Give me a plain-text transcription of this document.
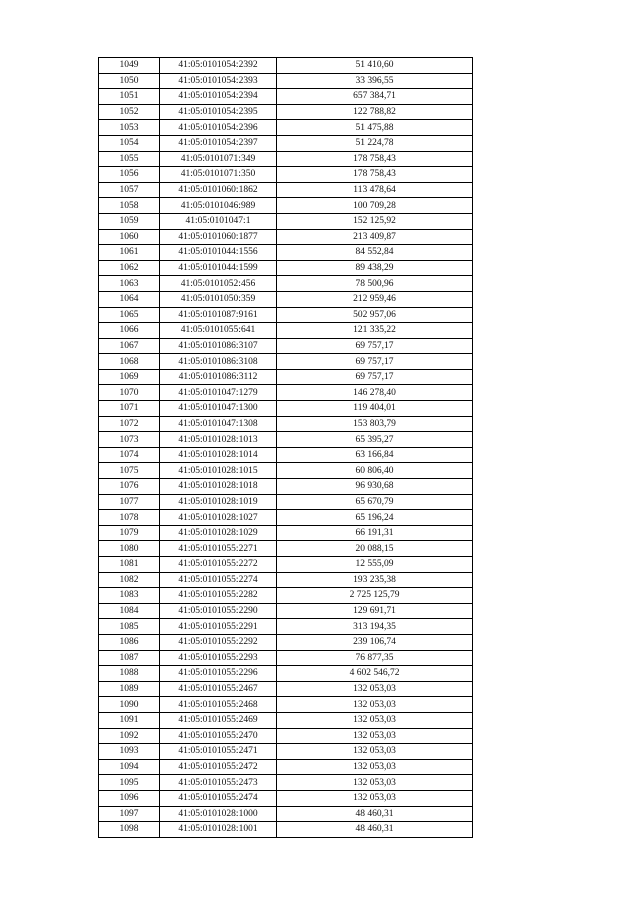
1049	41:05:0101054:2392	51 410,60
1050	41:05:0101054:2393	33 396,55
1051	41:05:0101054:2394	657 384,71
1052	41:05:0101054:2395	122 788,82
1053	41:05:0101054:2396	51 475,88
1054	41:05:0101054:2397	51 224,78
1055	41:05:0101071:349	178 758,43
1056	41:05:0101071:350	178 758,43
1057	41:05:0101060:1862	113 478,64
1058	41:05:0101046:989	100 709,28
1059	41:05:0101047:1	152 125,92
1060	41:05:0101060:1877	213 409,87
1061	41:05:0101044:1556	84 552,84
1062	41:05:0101044:1599	89 438,29
1063	41:05:0101052:456	78 500,96
1064	41:05:0101050:359	212 959,46
1065	41:05:0101087:9161	502 957,06
1066	41:05:0101055:641	121 335,22
1067	41:05:0101086:3107	69 757,17
1068	41:05:0101086:3108	69 757,17
1069	41:05:0101086:3112	69 757,17
1070	41:05:0101047:1279	146 278,40
1071	41:05:0101047:1300	119 404,01
1072	41:05:0101047:1308	153 803,79
1073	41:05:0101028:1013	65 395,27
1074	41:05:0101028:1014	63 166,84
1075	41:05:0101028:1015	60 806,40
1076	41:05:0101028:1018	96 930,68
1077	41:05:0101028:1019	65 670,79
1078	41:05:0101028:1027	65 196,24
1079	41:05:0101028:1029	66 191,31
1080	41:05:0101055:2271	20 088,15
1081	41:05:0101055:2272	12 555,09
1082	41:05:0101055:2274	193 235,38
1083	41:05:0101055:2282	2 725 125,79
1084	41:05:0101055:2290	129 691,71
1085	41:05:0101055:2291	313 194,35
1086	41:05:0101055:2292	239 106,74
1087	41:05:0101055:2293	76 877,35
1088	41:05:0101055:2296	4 602 546,72
1089	41:05:0101055:2467	132 053,03
1090	41:05:0101055:2468	132 053,03
1091	41:05:0101055:2469	132 053,03
1092	41:05:0101055:2470	132 053,03
1093	41:05:0101055:2471	132 053,03
1094	41:05:0101055:2472	132 053,03
1095	41:05:0101055:2473	132 053,03
1096	41:05:0101055:2474	132 053,03
1097	41:05:0101028:1000	48 460,31
1098	41:05:0101028:1001	48 460,31
